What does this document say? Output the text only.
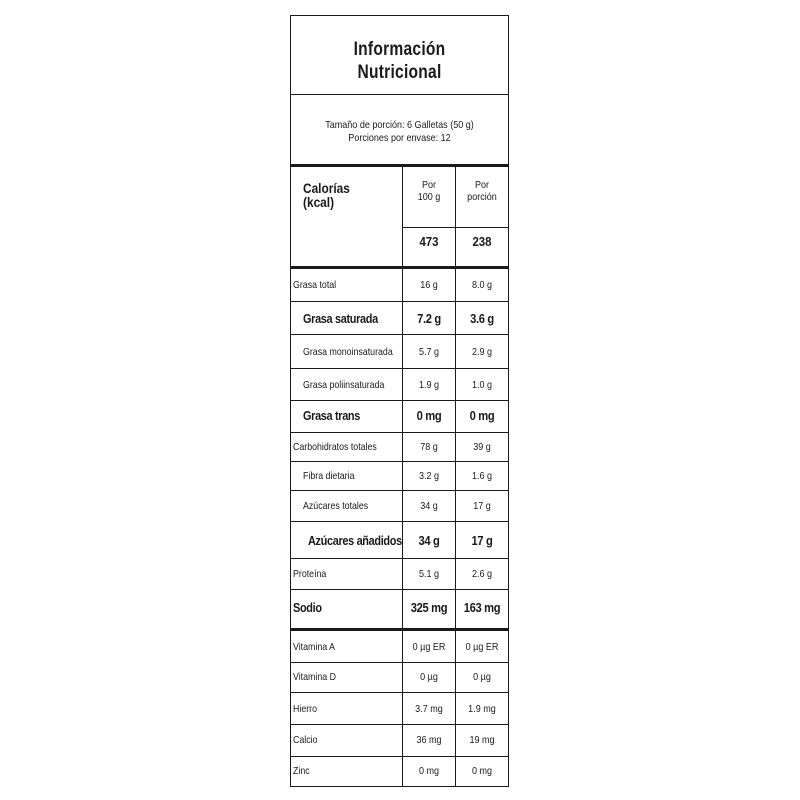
Información
Nutricional
Tamaño de porción: 6 Galletas (50 g)
Porciones por envase: 12
Calorías
(kcal)
Por
100 g
Por
porción
473	238
Grasa total	16 g	8.0 g
Grasa saturada	7.2 g	3.6 g
Grasa monoinsaturada	5.7 g	2.9 g
Grasa poliinsaturada	1.9 g	1.0 g
Grasa trans	0 mg	0 mg
Carbohidratos totales	78 g	39 g
Fibra dietaria	3.2 g	1.6 g
Azúcares totales	34 g	17 g
Azúcares añadidos	34 g	17 g
Proteína	5.1 g	2.6 g
Sodio	325 mg	163 mg
Vitamina A	0 µg ER	0 µg ER
Vitamina D	0 µg	0 µg
Hierro	3.7 mg	1.9 mg
Calcio	36 mg	19 mg
Zinc	0 mg	0 mg
